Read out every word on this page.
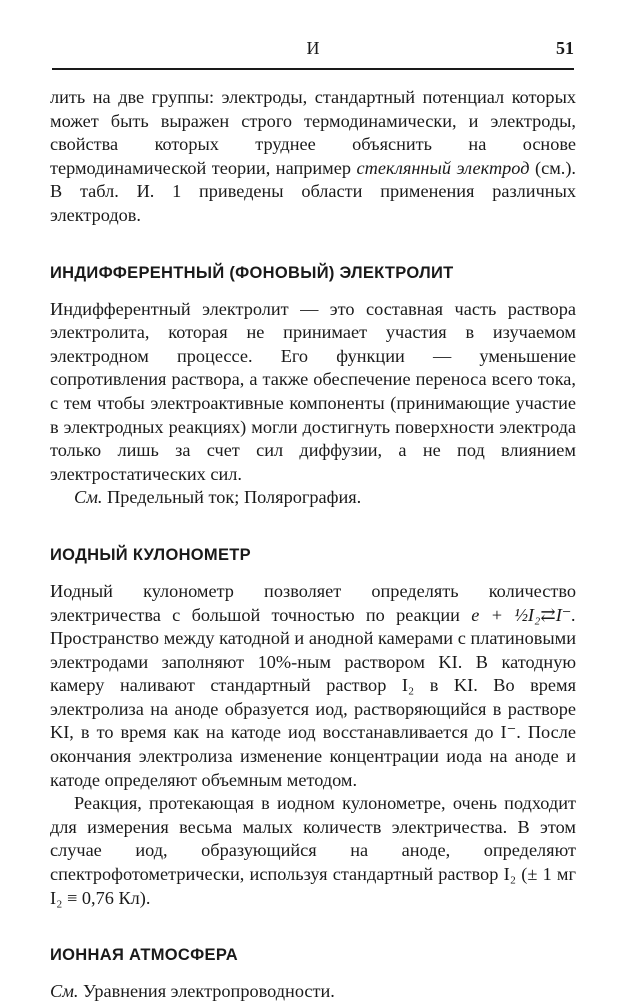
И	51

лить на две группы: электроды, стандартный потенциал которых может быть выражен строго термодинамически, и электроды, свойства которых труднее объяснить на основе термодинамической теории, например стеклянный электрод (см.). В табл. И. 1 приведены области применения различных электродов.

ИНДИФФЕРЕНТНЫЙ (ФОНОВЫЙ) ЭЛЕКТРОЛИТ

Индифферентный электролит — это составная часть раствора электролита, которая не принимает участия в изучаемом электродном процессе. Его функции — уменьшение сопротивления раствора, а также обеспечение переноса всего тока, с тем чтобы электроактивные компоненты (принимающие участие в электродных реакциях) могли достигнуть поверхности электрода только лишь за счет сил диффузии, а не под влиянием электростатических сил.

См. Предельный ток; Полярография.

ИОДНЫЙ КУЛОНОМЕТР

Иодный кулонометр позволяет определять количество электричества с большой точностью по реакции e + ½I₂⇄I⁻. Пространство между катодной и анодной камерами с платиновыми электродами заполняют 10%-ным раствором KI. В катодную камеру наливают стандартный раствор I₂ в KI. Во время электролиза на аноде образуется иод, растворяющийся в растворе KI, в то время как на катоде иод восстанавливается до I⁻. После окончания электролиза изменение концентрации иода на аноде и катоде определяют объемным методом.

Реакция, протекающая в иодном кулонометре, очень подходит для измерения весьма малых количеств электричества. В этом случае иод, образующийся на аноде, определяют спектрофотометрически, используя стандартный раствор I₂ (± 1 мг I₂ ≡ 0,76 Кл).

ИОННАЯ АТМОСФЕРА

См. Уравнения электропроводности.
